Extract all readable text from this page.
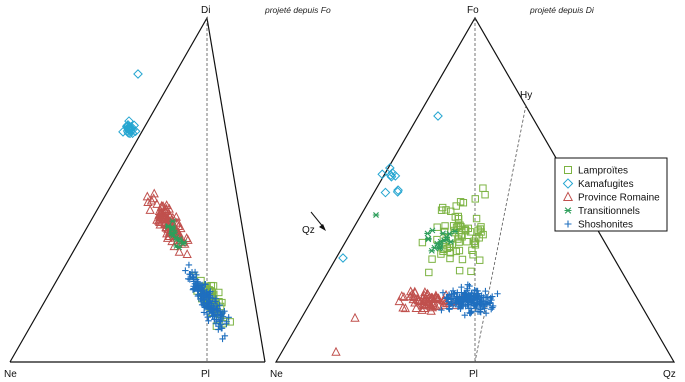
Di	projeté depuis Fo
Ne	Pl
Qz
Fo	projeté depuis Di
Hy
Ne	Pl	Qz
Lamproïtes
Kamafugites
Province Romaine
Transitionnels
Shoshonites
